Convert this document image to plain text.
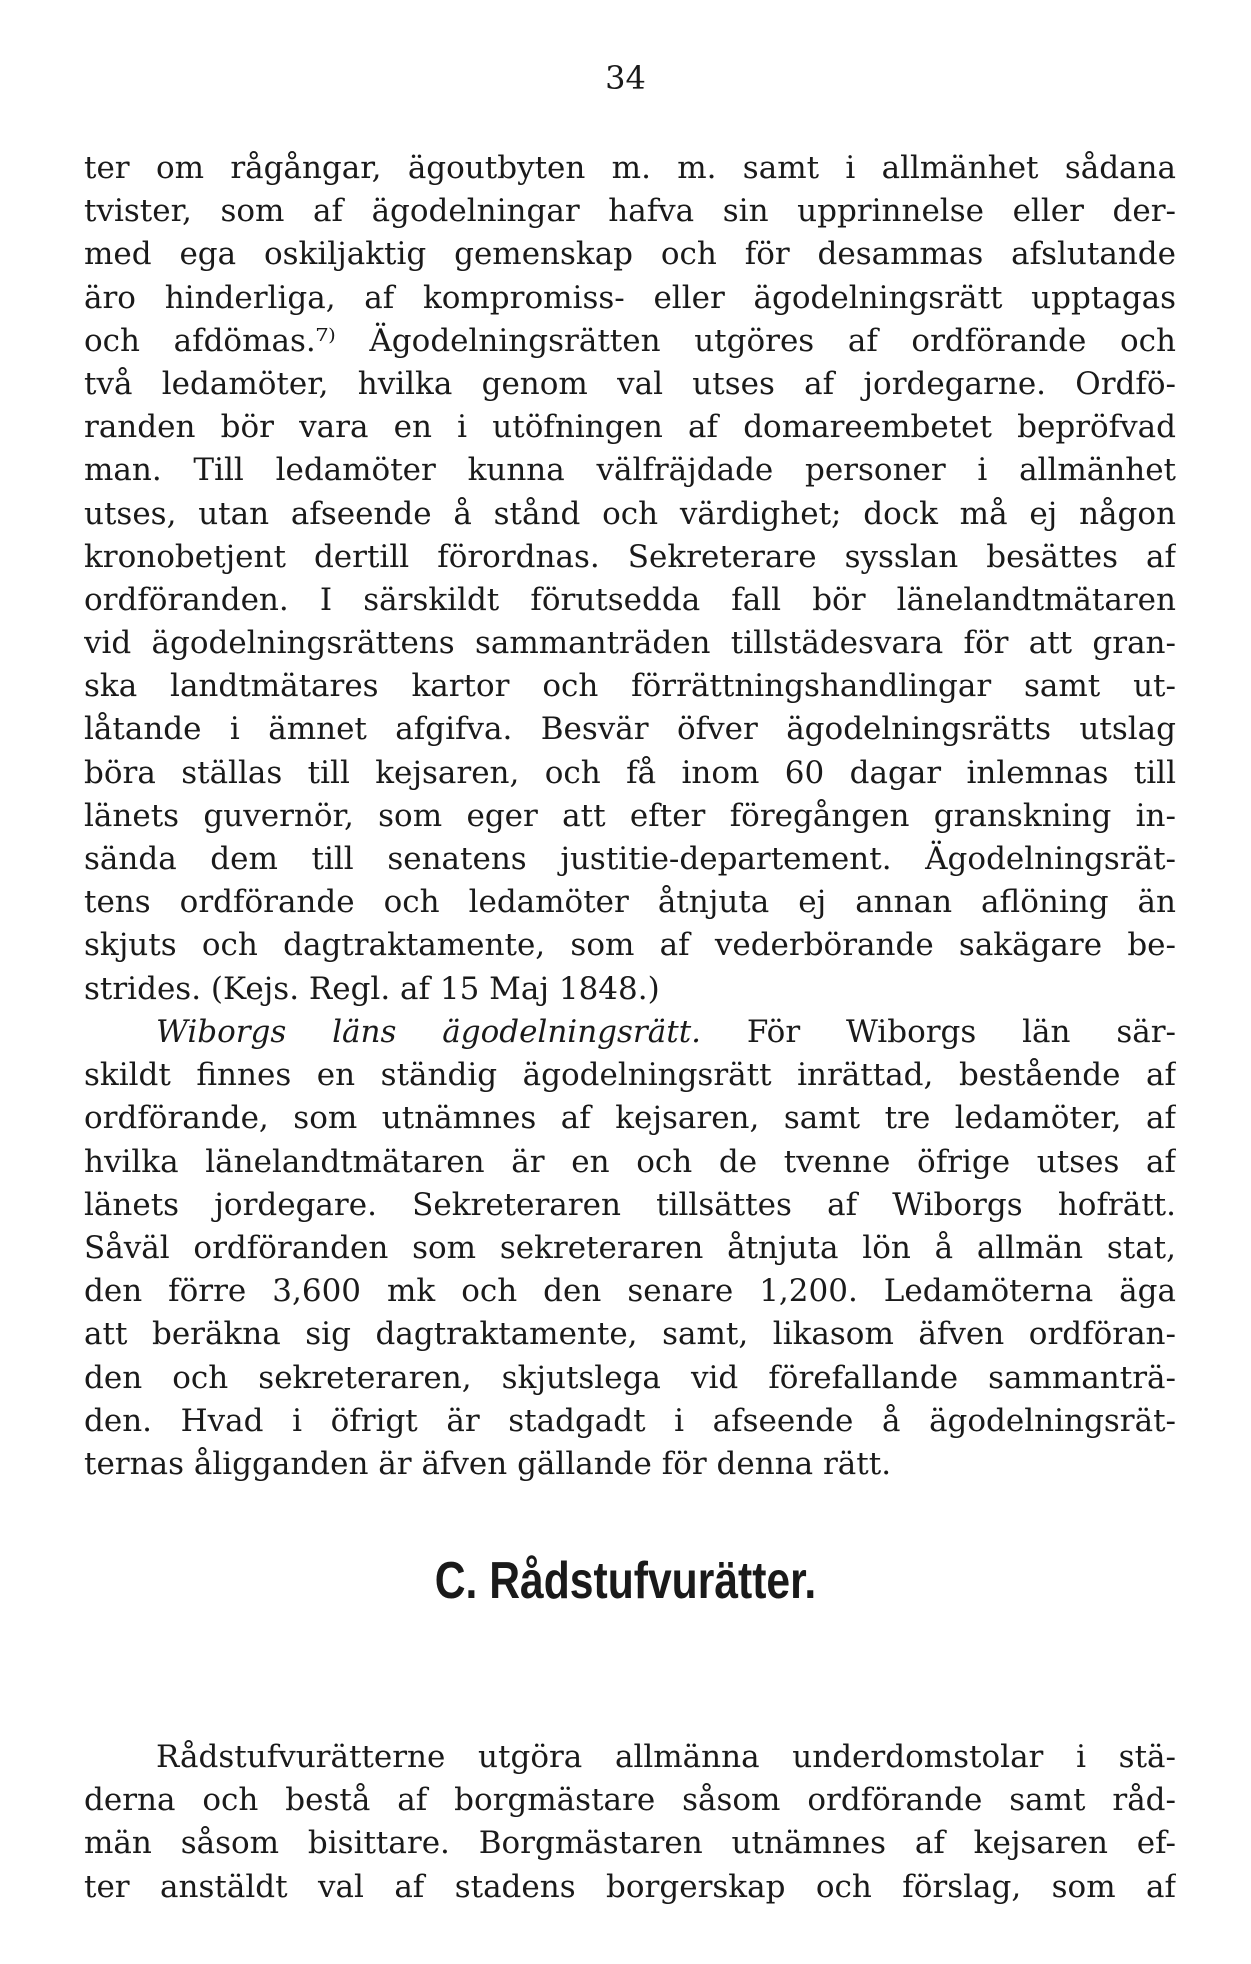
34
ter om rågångar, ägoutbyten m. m. samt i allmänhet sådana
tvister, som af ägodelningar hafva sin upprinnelse eller der-
med ega oskiljaktig gemenskap och för desammas afslutande
äro hinderliga, af kompromiss- eller ägodelningsrätt upptagas
och afdömas.⁷⁾ Ägodelningsrätten utgöres af ordförande och
två ledamöter, hvilka genom val utses af jordegarne. Ordfö-
randen bör vara en i utöfningen af domareembetet bepröfvad
man. Till ledamöter kunna välfräjdade personer i allmänhet
utses, utan afseende å stånd och värdighet; dock må ej någon
kronobetjent dertill förordnas. Sekreterare sysslan besättes af
ordföranden. I särskildt förutsedda fall bör länelandtmätaren
vid ägodelningsrättens sammanträden tillstädesvara för att gran-
ska landtmätares kartor och förrättningshandlingar samt ut-
låtande i ämnet afgifva. Besvär öfver ägodelningsrätts utslag
böra ställas till kejsaren, och få inom 60 dagar inlemnas till
länets guvernör, som eger att efter föregången granskning in-
sända dem till senatens justitie-departement. Ägodelningsrät-
tens ordförande och ledamöter åtnjuta ej annan aflöning än
skjuts och dagtraktamente, som af vederbörande sakägare be-
strides. (Kejs. Regl. af 15 Maj 1848.)
Wiborgs läns ägodelningsrätt. För Wiborgs län sär-
skildt finnes en ständig ägodelningsrätt inrättad, bestående af
ordförande, som utnämnes af kejsaren, samt tre ledamöter, af
hvilka länelandtmätaren är en och de tvenne öfrige utses af
länets jordegare. Sekreteraren tillsättes af Wiborgs hofrätt.
Såväl ordföranden som sekreteraren åtnjuta lön å allmän stat,
den förre 3,600 mk och den senare 1,200. Ledamöterna äga
att beräkna sig dagtraktamente, samt, likasom äfven ordföran-
den och sekreteraren, skjutslega vid förefallande sammanträ-
den. Hvad i öfrigt är stadgadt i afseende å ägodelningsrät-
ternas åligganden är äfven gällande för denna rätt.
C. Rådstufvurätter.
Rådstufvurätterne utgöra allmänna underdomstolar i stä-
derna och bestå af borgmästare såsom ordförande samt råd-
män såsom bisittare. Borgmästaren utnämnes af kejsaren ef-
ter anstäldt val af stadens borgerskap och förslag, som af
